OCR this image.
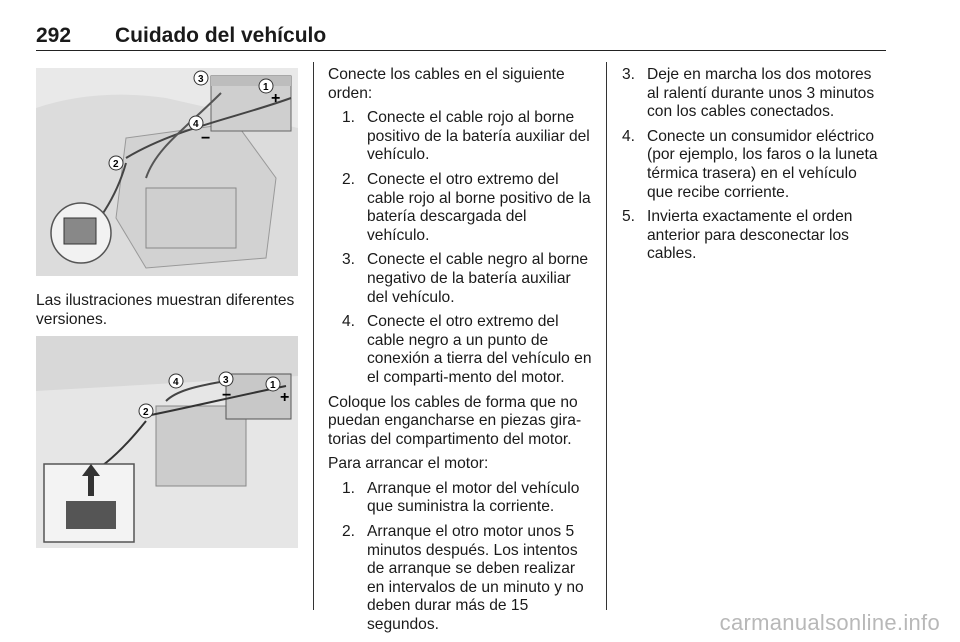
292 Cuidado del vehículo
1
2
3
4
+
−
Las ilustraciones muestran diferentes versiones.
1
2
3
4
+
−

Conecte los cables en el siguiente orden:

1. Conecte el cable rojo al borne positivo de la batería auxiliar del vehículo.
2. Conecte el otro extremo del cable rojo al borne positivo de la batería descargada del vehículo.
3. Conecte el cable negro al borne negativo de la batería auxiliar del vehículo.
4. Conecte el otro extremo del cable negro a un punto de conexión a tierra del vehículo en el comparti-mento del motor.

Coloque los cables de forma que no puedan engancharse en piezas gira-torias del compartimento del motor.

Para arrancar el motor:

1. Arranque el motor del vehículo que suministra la corriente.
2. Arranque el otro motor unos 5 minutos después. Los intentos de arranque se deben realizar en intervalos de un minuto y no deben durar más de 15 segundos.
3. Deje en marcha los dos motores al ralentí durante unos 3 minutos con los cables conectados.
4. Conecte un consumidor eléctrico (por ejemplo, los faros o la luneta térmica trasera) en el vehículo que recibe corriente.
5. Invierta exactamente el orden anterior para desconectar los cables.
carmanualsonline.info
